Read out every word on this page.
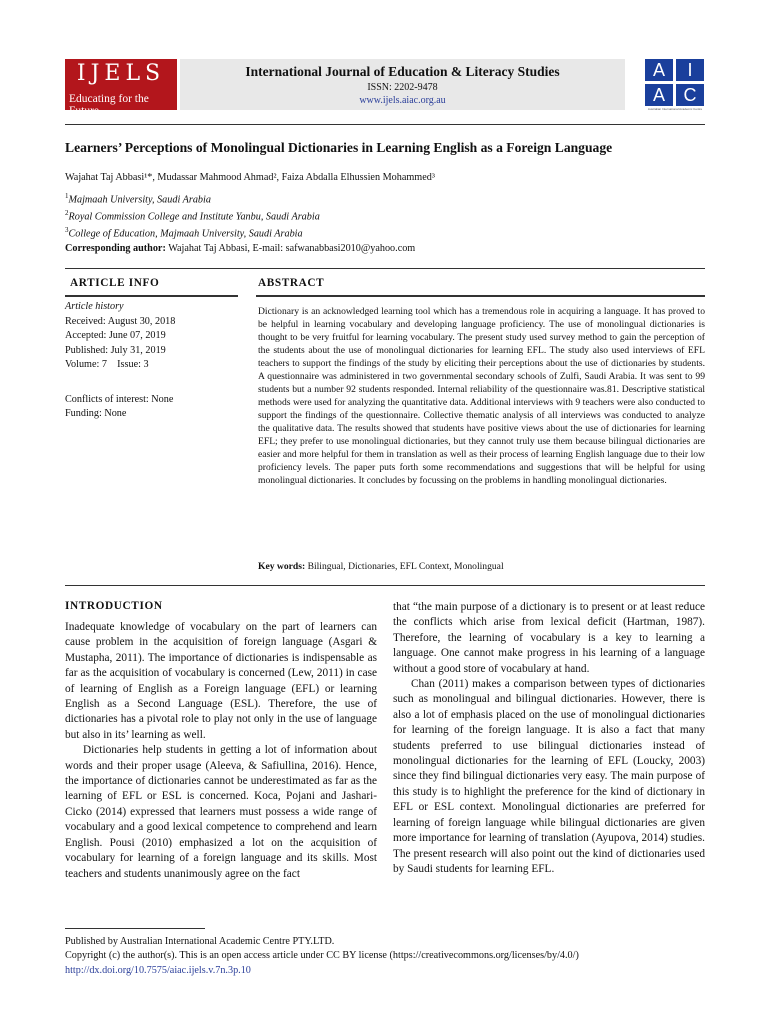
IJELS
Educating for the Future
International Journal of Education & Literacy Studies
ISSN: 2202-9478
www.ijels.aiac.org.au
A	I
A	C
Australian International Academic Centre
Learners’ Perceptions of Monolingual Dictionaries in Learning English as a Foreign Language
Wajahat Taj Abbasi¹*, Mudassar Mahmood Ahmad², Faiza Abdalla Elhussien Mohammed³
$^1$Majmaah University, Saudi Arabia
$^2$Royal Commission College and Institute Yanbu, Saudi Arabia
$^3$College of Education, Majmaah University, Saudi Arabia
Corresponding author: Wajahat Taj Abbasi, E-mail: safwanabbasi2010@yahoo.com
ARTICLE INFO	ABSTRACT
Article history
Received: August 30, 2018
Accepted: June 07, 2019
Published: July 31, 2019
Volume: 7    Issue: 3
Conflicts of interest: None
Funding: None
Dictionary is an acknowledged learning tool which has a tremendous role in acquiring a language. It has proved to be helpful in learning vocabulary and developing language proficiency. The use of monolingual dictionaries is thought to be very fruitful for learning vocabulary. The present study used survey method to gain the perception of the students about the use of monolingual dictionaries for learning EFL. The study also used interviews of EFL teachers to support the findings of the study by eliciting their perceptions about the use of dictionaries by students. A questionnaire was administered in two governmental secondary schools of Zulfi, Saudi Arabia. It was sent to 99 students but a number 92 students responded. Internal reliability of the questionnaire was.81. Descriptive statistical methods were used for analyzing the quantitative data. Additional interviews with 9 teachers were also conducted to support the findings of the questionnaire. Collective thematic analysis of all interviews was conducted to analyze the qualitative data. The results showed that students have positive views about the use of dictionaries for learning EFL; they prefer to use monolingual dictionaries, but they cannot truly use them because bilingual dictionaries are easier and more helpful for them in translation as well as their process of learning English language due to their low proficiency levels. The paper puts forth some recommendations and suggestions that will be helpful for using monolingual dictionaries. It concludes by focussing on the problems in handling monolingual dictionaries.
Key words: Bilingual, Dictionaries, EFL Context, Monolingual
INTRODUCTION

Inadequate knowledge of vocabulary on the part of learners can cause problem in the acquisition of foreign language (Asgari & Mustapha, 2011). The importance of dictionaries is indispensable as far as the acquisition of vocabulary is concerned (Lew, 2011) in case of learning of English as a Foreign language (EFL) or learning English as a Second Language (ESL). Therefore, the use of dictionaries has a pivotal role to play not only in the use of language but also in its’ learning as well.

Dictionaries help students in getting a lot of information about words and their proper usage (Aleeva, & Safiullina, 2016). Hence, the importance of dictionaries cannot be underestimated as far as the learning of EFL or ESL is concerned. Koca, Pojani and Jashari-Cicko (2014) expressed that learners must possess a wide range of vocabulary and a good lexical competence to comprehend and learn English. Pousi (2010) emphasized a lot on the acquisition of vocabulary for learning of a foreign language and its skills. Most teachers and students unanimously agree on the fact

that “the main purpose of a dictionary is to present or at least reduce the conflicts which arise from lexical deficit (Hartman, 1987). Therefore, the learning of vocabulary is a key to learning a language. One cannot make progress in his learning of a language without a good store of vocabulary at hand.

Chan (2011) makes a comparison between types of dictionaries such as monolingual and bilingual dictionaries. However, there is also a lot of emphasis placed on the use of monolingual dictionaries for learning of the foreign language. It is also a fact that many students preferred to use bilingual dictionaries instead of monolingual dictionaries for the learning of EFL (Loucky, 2003) since they find bilingual dictionaries very easy. The main purpose of this study is to highlight the preference for the kind of dictionary in EFL or ESL context. Monolingual dictionaries are preferred for learning of foreign language while bilingual dictionaries are given more importance for learning of translation (Ayupova, 2014) studies. The present research will also point out the kind of dictionaries used by Saudi students for learning EFL.

Published by Australian International Academic Centre PTY.LTD.
Copyright (c) the author(s). This is an open access article under CC BY license (https://creativecommons.org/licenses/by/4.0/)
http://dx.doi.org/10.7575/aiac.ijels.v.7n.3p.10
